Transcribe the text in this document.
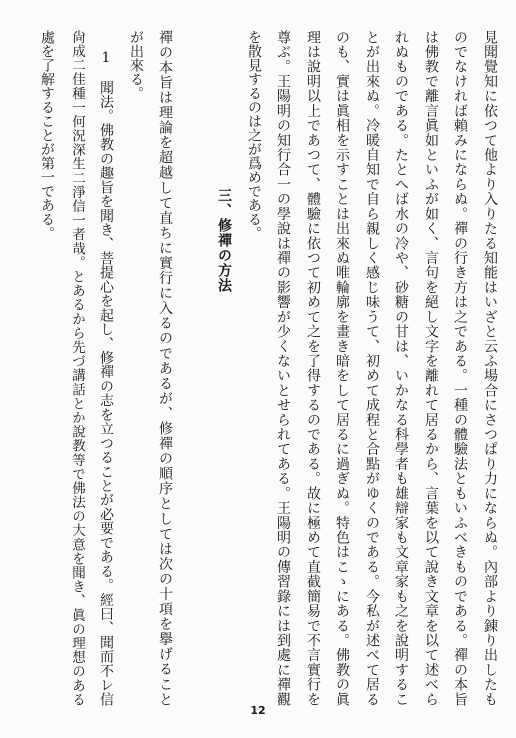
見聞覺知に依つて他より入りたる知能はいざと云ふ場合にさつぱり力にならぬ。內部より錬り出したも
のでなければ賴みにならぬ。禪の行き方は之である。一種の體驗法ともいふべきものである。禪の本旨
は佛教で離言眞如といふが如く、言句を絕し文字を離れて居るから、言葉を以て說き文章を以て述べら
れぬものである。たとへば水の冷や、砂糖の甘は、いかなる科學者も雄辯家も文章家も之を說明するこ
とが出來ぬ。冷暖自知で自ら親しく感じ味うて、初めて成程と合點がゆくのである。今私が述べて居る
のも、實は眞相を示すことは出來ぬ唯輪廓を畫き暗をして居るに過ぎぬ。特色はこゝにある。佛教の眞
理は說明以上であつて、體驗に依つて初めて之を了得するのである。故に極めて直截簡易で不言實行を
尊ぶ。王陽明の知行合一の學說は禪の影響が少くないとせられてある。王陽明の傳習錄には到處に禪觀
を散見するのは之が爲めである。
三、修禪の方法
禪の本旨は理論を超越して直ちに實行に入るのであるが、修禪の順序としては次の十項を擧げること
が出來る。
1　聞法。佛教の趣旨を聞き、菩提心を起し、修禪の志を立つることが必要である。經曰、聞而不レ信
尙成二佳種一何況深生二淨信一者哉。とあるから先づ講話とか說教等で佛法の大意を聞き、眞の理想のある
處を了解することが第一である。
12
